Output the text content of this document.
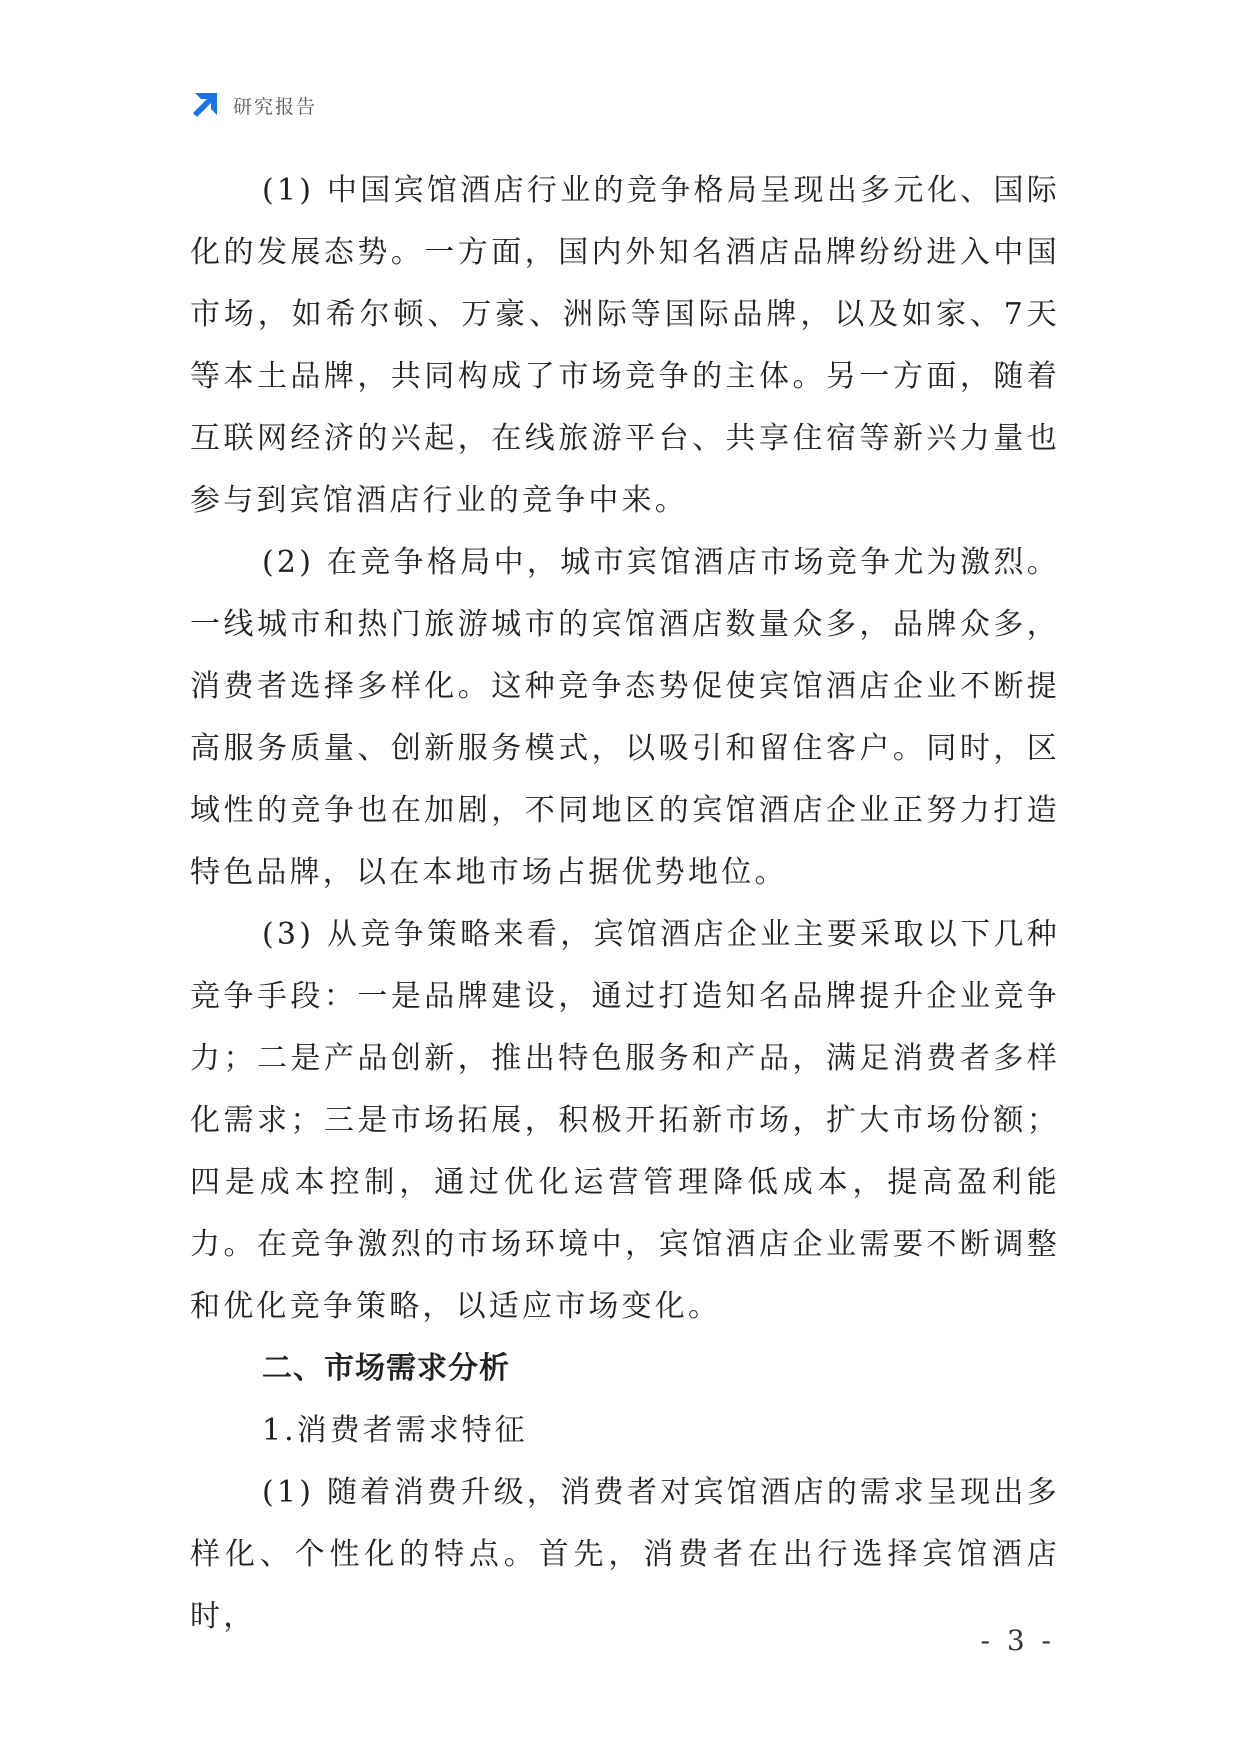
研究报告

(1) 中国宾馆酒店行业的竞争格局呈现出多元化、国际化的发展态势。一方面，国内外知名酒店品牌纷纷进入中国市场，如希尔顿、万豪、洲际等国际品牌，以及如家、7天等本土品牌，共同构成了市场竞争的主体。另一方面，随着互联网经济的兴起，在线旅游平台、共享住宿等新兴力量也参与到宾馆酒店行业的竞争中来。

(2) 在竞争格局中，城市宾馆酒店市场竞争尤为激烈。一线城市和热门旅游城市的宾馆酒店数量众多，品牌众多，消费者选择多样化。这种竞争态势促使宾馆酒店企业不断提高服务质量、创新服务模式，以吸引和留住客户。同时，区域性的竞争也在加剧，不同地区的宾馆酒店企业正努力打造特色品牌，以在本地市场占据优势地位。

(3) 从竞争策略来看，宾馆酒店企业主要采取以下几种竞争手段：一是品牌建设，通过打造知名品牌提升企业竞争力；二是产品创新，推出特色服务和产品，满足消费者多样化需求；三是市场拓展，积极开拓新市场，扩大市场份额；四是成本控制，通过优化运营管理降低成本，提高盈利能力。在竞争激烈的市场环境中，宾馆酒店企业需要不断调整和优化竞争策略，以适应市场变化。

二、市场需求分析

1.消费者需求特征

(1) 随着消费升级，消费者对宾馆酒店的需求呈现出多样化、个性化的特点。首先，消费者在出行选择宾馆酒店时，

- 3 -
